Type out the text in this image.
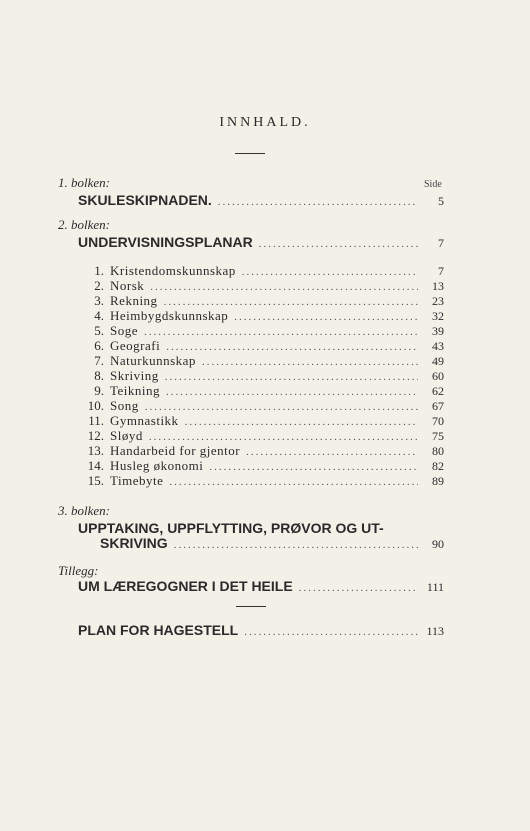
INNHALD.
1. bolken:	Side
SKULESKIPNADEN. .....	5
2. bolken:
UNDERVISNINGSPLANAR .....	7
1. Kristendomskunnskap .....	7
2. Norsk .....	13
3. Rekning .....	23
4. Heimbygdskunnskap .....	32
5. Soge .....	39
6. Geografi .....	43
7. Naturkunnskap .....	49
8. Skriving .....	60
9. Teikning .....	62
10. Song .....	67
11. Gymnastikk .....	70
12. Sløyd .....	75
13. Handarbeid for gjentor .....	80
14. Husleg økonomi .....	82
15. Timebyte .....	89
3. bolken:
UPPTAKING, UPPFLYTTING, PRØVOR OG UT-
SKRIVING .....	90
Tillegg:
UM LÆREGOGNER I DET HEILE .....	111
PLAN FOR HAGESTELL .....	113
